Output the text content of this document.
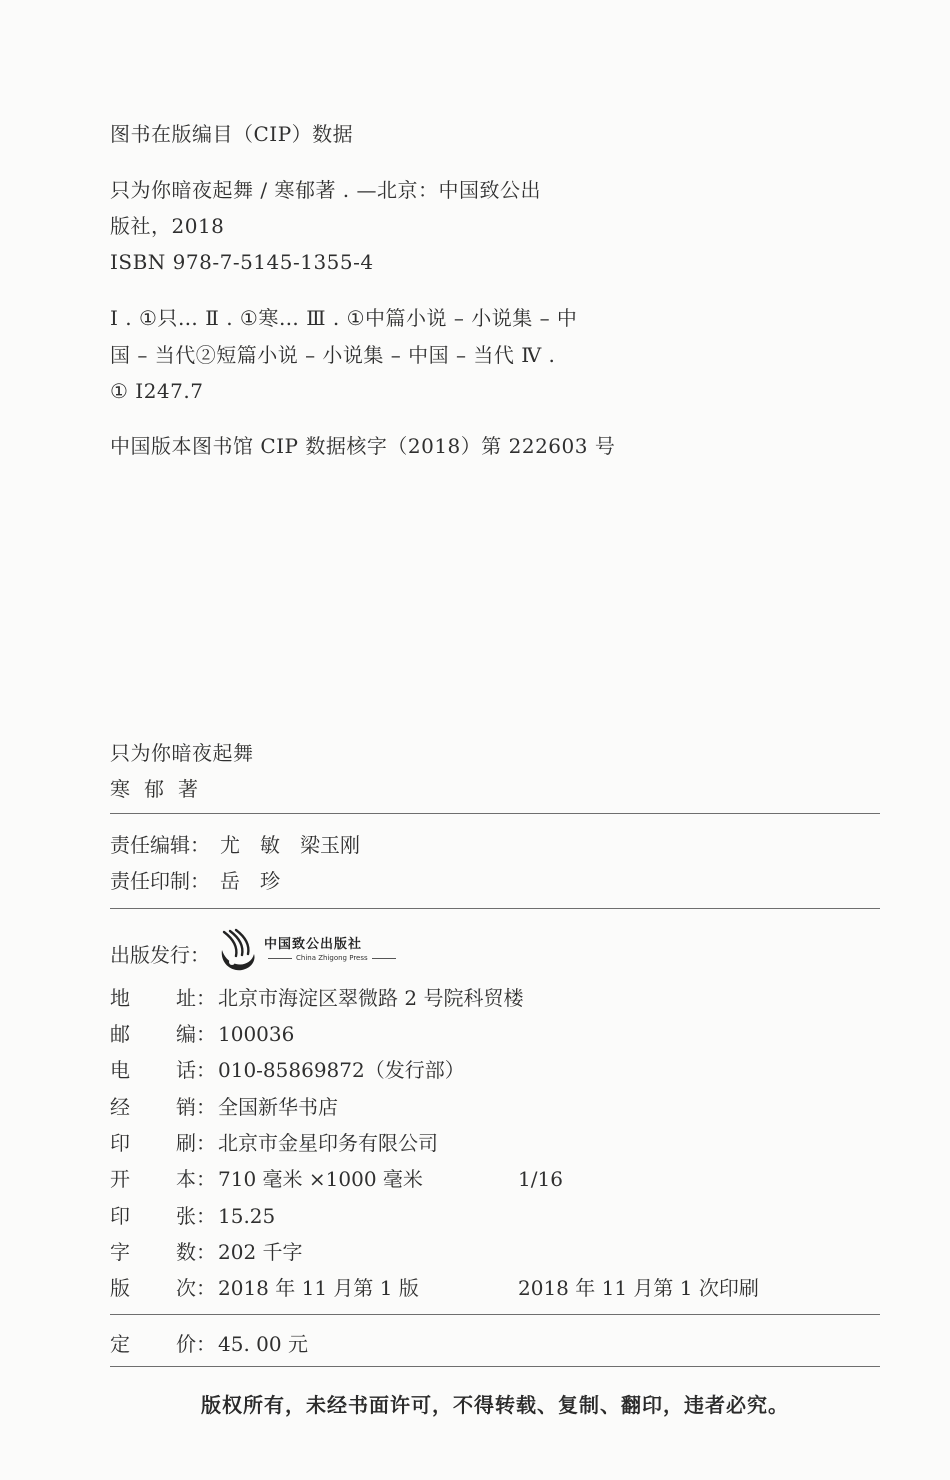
图书在版编目（CIP）数据
只为你暗夜起舞 / 寒郁著 . —北京：中国致公出
版社，2018
ISBN 978-7-5145-1355-4
Ⅰ . ①只… Ⅱ . ①寒… Ⅲ . ①中篇小说 – 小说集 – 中
国 – 当代②短篇小说 – 小说集 – 中国 – 当代 Ⅳ .
① I247.7
中国版本图书馆 CIP 数据核字（2018）第 222603 号
只为你暗夜起舞
寒郁著
责任编辑： 尤　敏　梁玉刚
责任印制： 岳　珍
出版发行：	中国致公出版社
China Zhigong Press
地 址： 北京市海淀区翠微路 2 号院科贸楼
邮 编： 100036
电 话： 010-85869872（发行部）
经 销： 全国新华书店
印 刷： 北京市金星印务有限公司
开 本： 710 毫米 ×1000 毫米	1/16
印 张： 15.25
字 数： 202 千字
版 次： 2018 年 11 月第 1 版	2018 年 11 月第 1 次印刷
定 价： 45. 00 元
版权所有，未经书面许可，不得转载、复制、翻印，违者必究。
